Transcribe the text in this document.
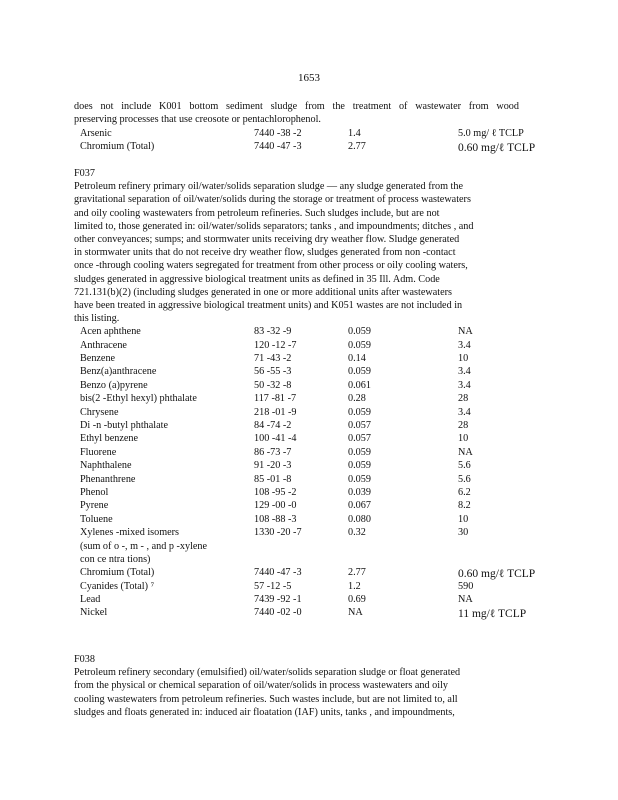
1653
does not include K001 bottom sediment sludge from the treatment of wastewater from wood
preserving processes that use creosote or pentachlorophenol.
Arsenic	7440 -38 -2	1.4	5.0 mg/ ℓ TCLP
Chromium (Total)	7440 -47 -3	2.77	0.60 mg/ℓ TCLP
F037
Petroleum refinery primary oil/water/solids separation sludge — any sludge generated from the
gravitational separation of oil/water/solids during the storage or treatment of process wastewaters
and oily cooling wastewaters from petroleum refineries. Such sludges include, but are not
limited to, those generated in: oil/water/solids separators; tanks , and impoundments; ditches , and
other conveyances; sumps; and stormwater units receiving dry weather flow. Sludge generated
in stormwater units that do not receive dry weather flow, sludges generated from non -contact
once -through cooling waters segregated for treatment from other process or oily cooling waters,
sludges generated in aggressive biological treatment units as defined in 35 Ill. Adm. Code
721.131(b)(2) (including sludges generated in one or more additional units after wastewaters
have been treated in aggressive biological treatment units) and K051 wastes are not included in
this listing.
Acen aphthene	83 -32 -9	0.059	NA
Anthracene	120 -12 -7	0.059	3.4
Benzene	71 -43 -2	0.14	10
Benz(a)anthracene	56 -55 -3	0.059	3.4
Benzo (a)pyrene	50 -32 -8	0.061	3.4
bis(2 -Ethyl hexyl) phthalate	117 -81 -7	0.28	28
Chrysene	218 -01 -9	0.059	3.4
Di -n -butyl phthalate	84 -74 -2	0.057	28
Ethyl benzene	100 -41 -4	0.057	10
Fluorene	86 -73 -7	0.059	NA
Naphthalene	91 -20 -3	0.059	5.6
Phenanthrene	85 -01 -8	0.059	5.6
Phenol	108 -95 -2	0.039	6.2
Pyrene	129 -00 -0	0.067	8.2
Toluene	108 -88 -3	0.080	10
Xylenes -mixed isomers	1330 -20 -7	0.32	30
(sum of o -, m - , and p -xylene
con ce ntra tions)
Chromium (Total)	7440 -47 -3	2.77	0.60 mg/ℓ TCLP
Cyanides (Total) ⁷	57 -12 -5	1.2	590
Lead	7439 -92 -1	0.69	NA
Nickel	7440 -02 -0	NA	11 mg/ℓ TCLP
F038
Petroleum refinery secondary (emulsified) oil/water/solids separation sludge or float generated
from the physical or chemical separation of oil/water/solids in process wastewaters and oily
cooling wastewaters from petroleum refineries. Such wastes include, but are not limited to, all
sludges and floats generated in: induced air floatation (IAF) units, tanks , and impoundments,
